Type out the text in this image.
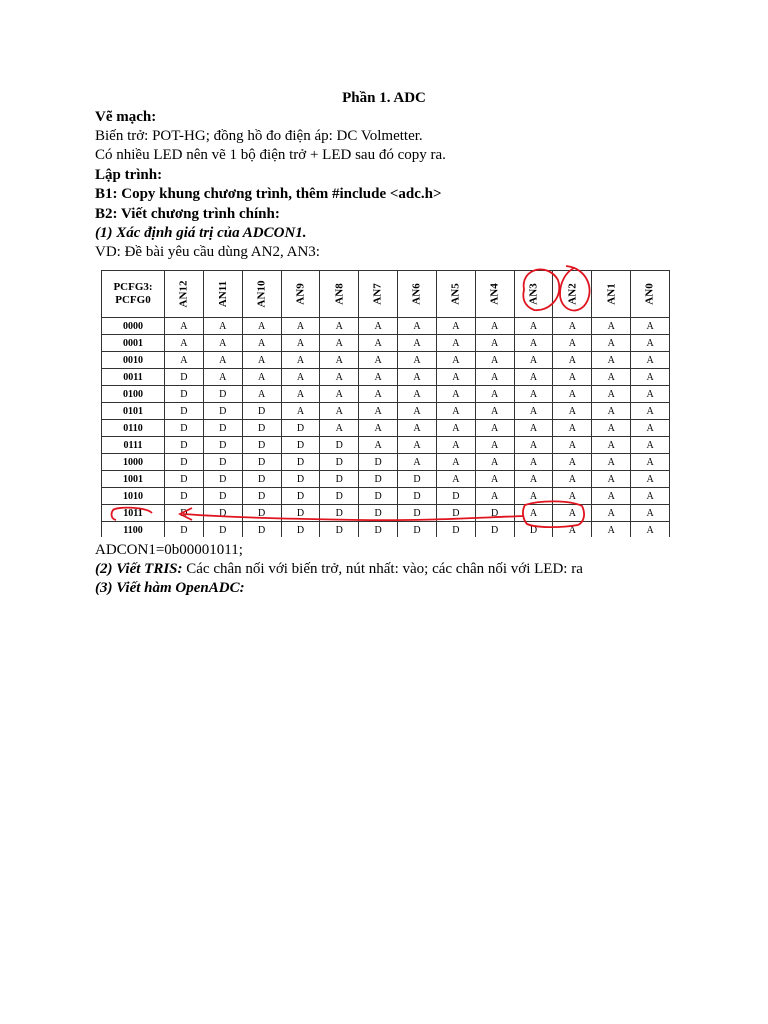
Phần 1. ADC
Vẽ mạch:
Biến trở: POT-HG; đồng hồ đo điện áp: DC Volmetter.
Có nhiều LED nên vẽ 1 bộ điện trở + LED sau đó copy ra.
Lập trình:
B1: Copy khung chương trình, thêm #include <adc.h>
B2: Viết chương trình chính:
(1) Xác định giá trị của ADCON1.
VD: Đề bài yêu cầu dùng AN2, AN3:
PCFG3:
PCFG0	AN12	AN11	AN10	AN9	AN8	AN7	AN6	AN5	AN4	AN3	AN2	AN1	AN0
0000	A	A	A	A	A	A	A	A	A	A	A	A	A
0001	A	A	A	A	A	A	A	A	A	A	A	A	A
0010	A	A	A	A	A	A	A	A	A	A	A	A	A
0011	D	A	A	A	A	A	A	A	A	A	A	A	A
0100	D	D	A	A	A	A	A	A	A	A	A	A	A
0101	D	D	D	A	A	A	A	A	A	A	A	A	A
0110	D	D	D	D	A	A	A	A	A	A	A	A	A
0111	D	D	D	D	D	A	A	A	A	A	A	A	A
1000	D	D	D	D	D	D	A	A	A	A	A	A	A
1001	D	D	D	D	D	D	D	A	A	A	A	A	A
1010	D	D	D	D	D	D	D	D	A	A	A	A	A
1011	D	D	D	D	D	D	D	D	D	A	A	A	A
1100	D	D	D	D	D	D	D	D	D	D	A	A	A
ADCON1=0b00001011;
(2) Viết TRIS: Các chân nối với biến trở, nút nhất: vào; các chân nối với LED: ra
(3) Viết hàm OpenADC:
